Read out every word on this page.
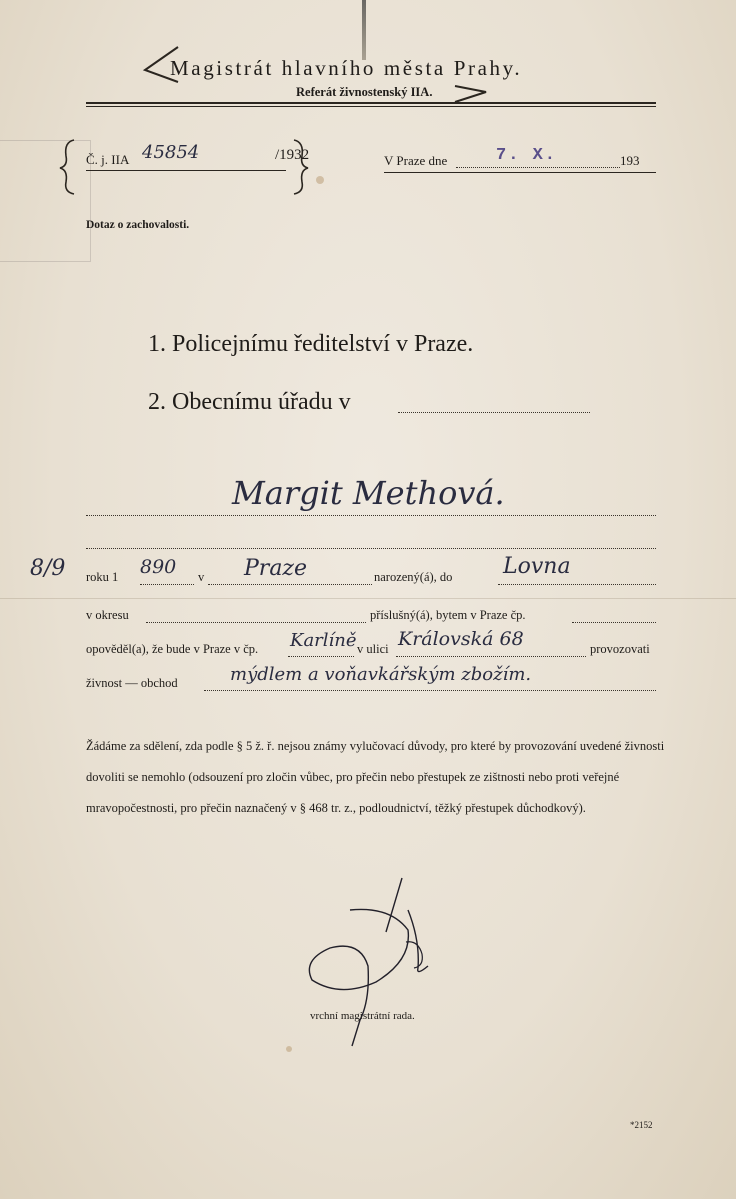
Magistrát hlavního města Prahy.
Referát živnostenský IIA.
Č. j. IIA 45854	/1932	V Praze dne	7. X.	193
Dotaz o zachovalosti.
1. Policejnímu ředitelství v Praze.
2. Obecnímu úřadu v
Margit Methová.
8/9 roku 1 890 v Praze	narozený(á), do Lovna
v okresu	příslušný(á), bytem v Praze čp.
opověděl(a), že bude v Praze v čp. Karlíně v ulici Královská 68	provozovati
živnost — obchod	mýdlem a voňavkářským zbožím.
Žádáme za sdělení, zda podle § 5 ž. ř. nejsou známy vylučovací důvody, pro které by provozování uvedené živnosti dovoliti se nemohlo (odsouzení pro zločin vůbec, pro přečin nebo přestupek ze zištnosti nebo proti veřejné mravopočestnosti, pro přečin naznačený v § 468 tr. z., podloudnictví, těžký přestupek důchodkový).
vrchní magistrátní rada.
*2152
